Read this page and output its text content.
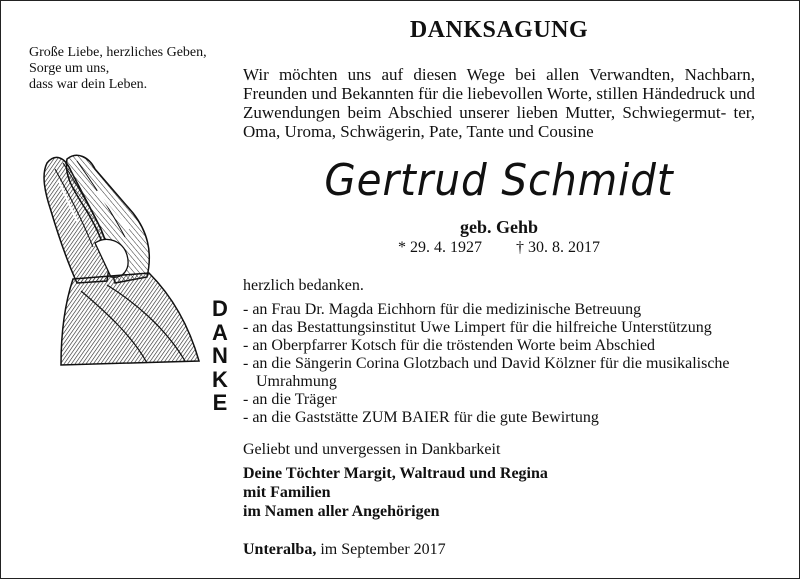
DANKSAGUNG
Große Liebe, herzliches Geben,
Sorge um uns,
dass war dein Leben.
Wir möchten uns auf diesen Wege bei allen Verwandten, Nachbarn, Freunden und Bekannten für die liebevollen Worte, stillen Händedruck und Zuwendungen beim Abschied unserer lieben Mutter, Schwiegermut- ter, Oma, Uroma, Schwägerin, Pate, Tante und Cousine
Gertrud Schmidt
geb. Gehb
* 29. 4. 1927 † 30. 8. 2017
herzlich bedanken.
D
A
N
K
E
- an Frau Dr. Magda Eichhorn für die medizinische Betreuung
- an das Bestattungsinstitut Uwe Limpert für die hilfreiche Unterstützung
- an Oberpfarrer Kotsch für die tröstenden Worte beim Abschied
- an die Sängerin Corina Glotzbach und David Kölzner für die musikalische Umrahmung
- an die Träger
- an die Gaststätte ZUM BAIER für die gute Bewirtung
Geliebt und unvergessen in Dankbarkeit
Deine Töchter Margit, Waltraud und Regina
mit Familien
im Namen aller Angehörigen
Unteralba, im September 2017
